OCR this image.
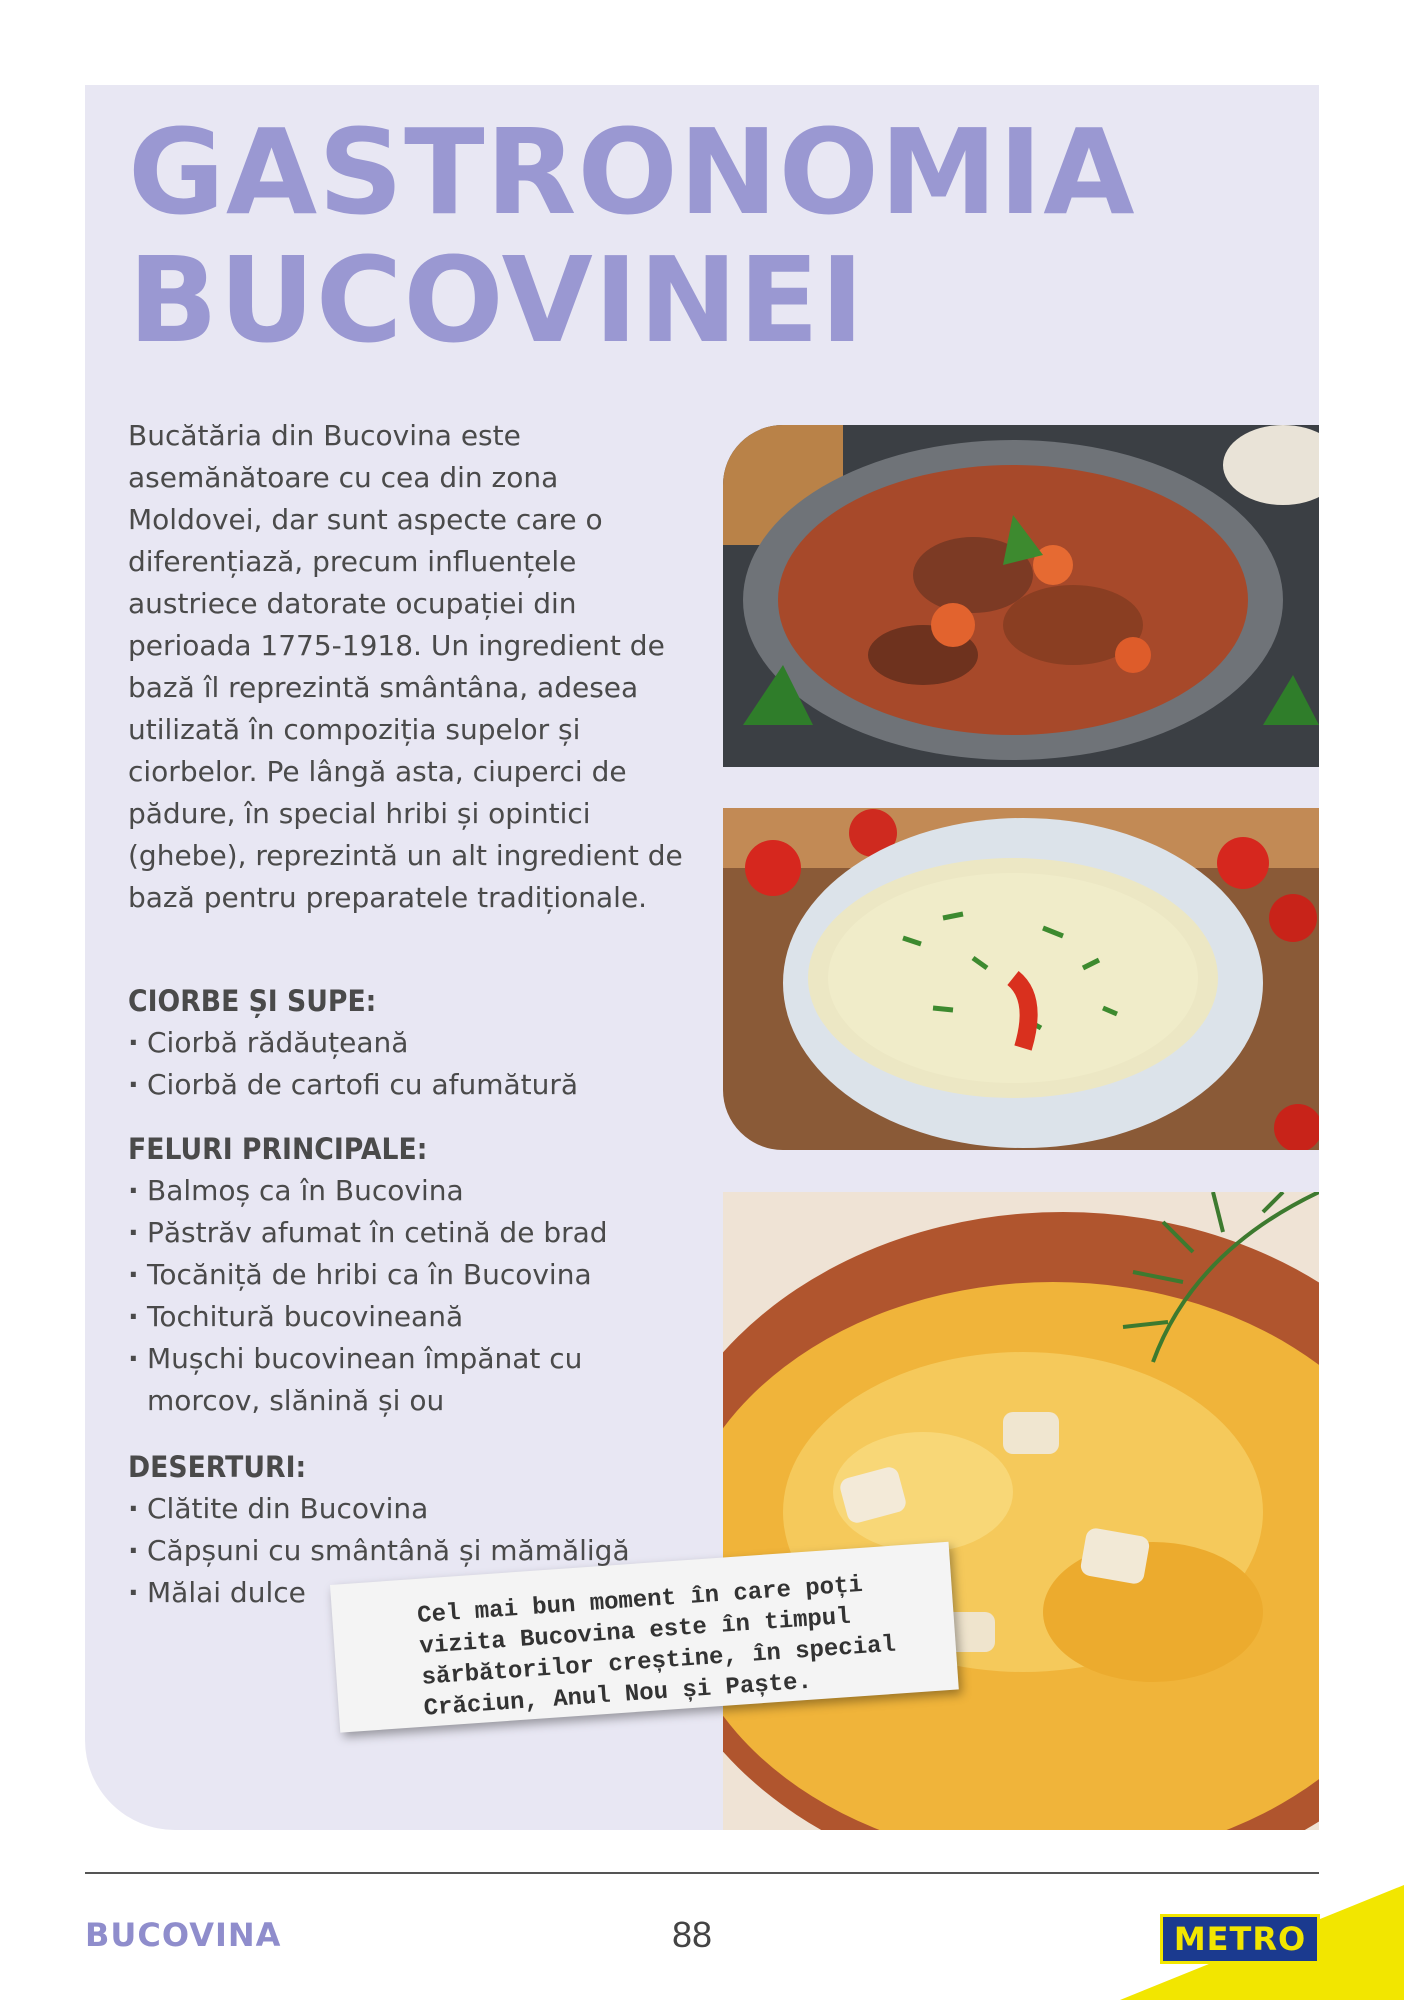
GASTRONOMIA
BUCOVINEI

Bucătăria din Bucovina este asemănătoare cu cea din zona Moldovei, dar sunt aspecte care o diferențiază, precum influențele austriece datorate ocupației din perioada 1775-1918. Un ingredient de bază îl reprezintă smântâna, adesea utilizată în compoziția supelor și ciorbelor. Pe lângă asta, ciuperci de pădure, în special hribi și opintici (ghebe), reprezintă un alt ingredient de bază pentru preparatele tradiționale.

CIORBE ȘI SUPE:
· Ciorbă rădăuțeană
· Ciorbă de cartofi cu afumătură
FELURI PRINCIPALE:
· Balmoș ca în Bucovina
· Păstrăv afumat în cetină de brad
· Tocăniță de hribi ca în Bucovina
· Tochitură bucovineană
· Mușchi bucovinean împănat cu morcov, slănină și ou
DESERTURI:
· Clătite din Bucovina
· Căpșuni cu smântână și mămăligă
· Mălai dulce	Cel mai bun moment în care poți vizita Bucovina este în timpul sărbătorilor creștine, în special Crăciun, Anul Nou și Paște.

BUCOVINA	88	METRO
